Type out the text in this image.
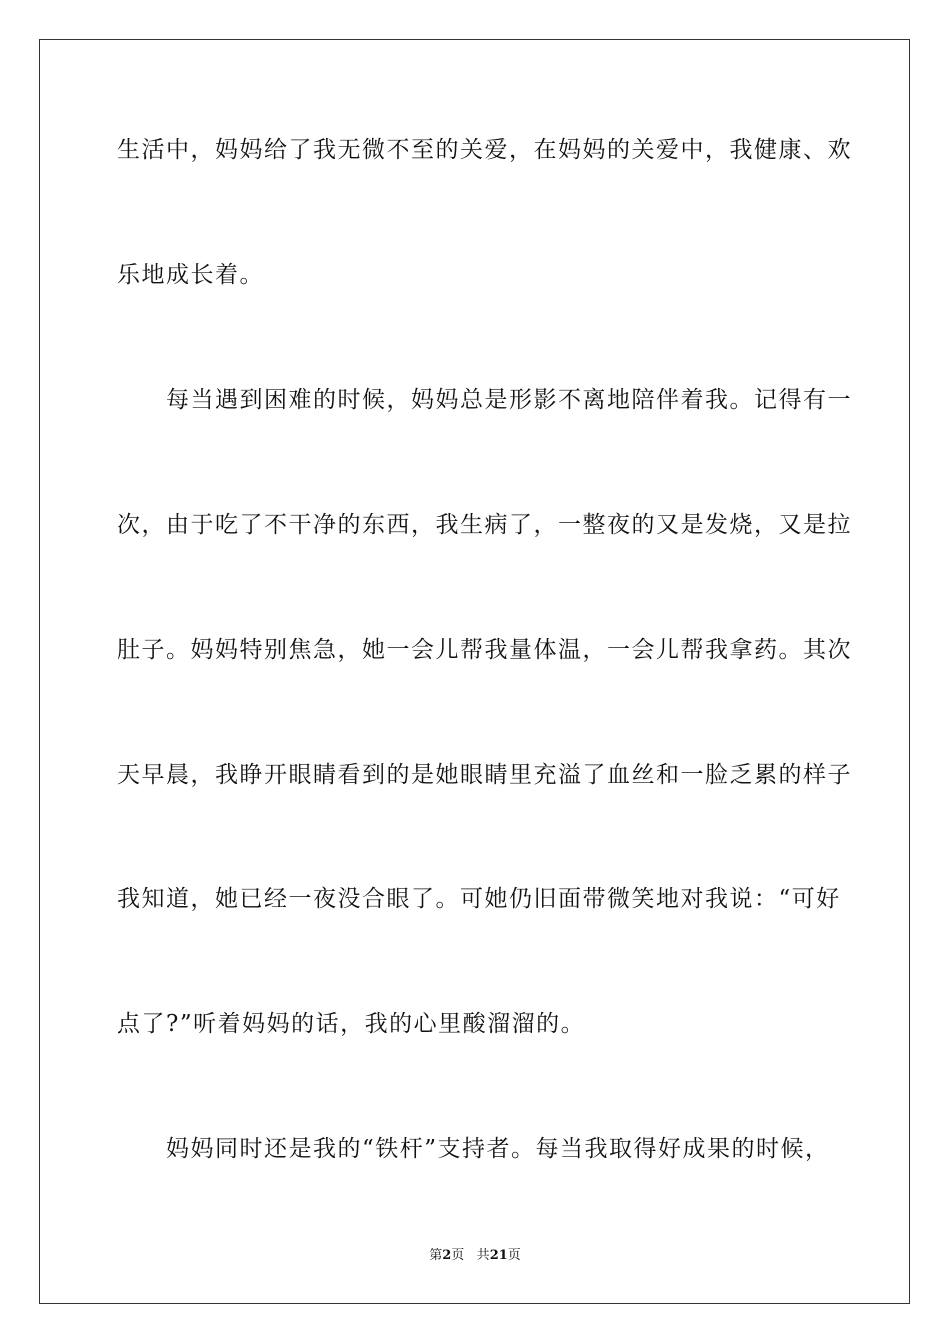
生活中，妈妈给了我无微不至的关爱，在妈妈的关爱中，我健康、欢
乐地成长着。
　　每当遇到困难的时候，妈妈总是形影不离地陪伴着我。记得有一
次，由于吃了不干净的东西，我生病了，一整夜的又是发烧，又是拉
肚子。妈妈特别焦急，她一会儿帮我量体温，一会儿帮我拿药。其次
天早晨，我睁开眼睛看到的是她眼睛里充溢了血丝和一脸乏累的样子
我知道，她已经一夜没合眼了。可她仍旧面带微笑地对我说：“可好
点了?”听着妈妈的话，我的心里酸溜溜的。
　　妈妈同时还是我的“铁杆”支持者。每当我取得好成果的时候，
第2页 共21页
